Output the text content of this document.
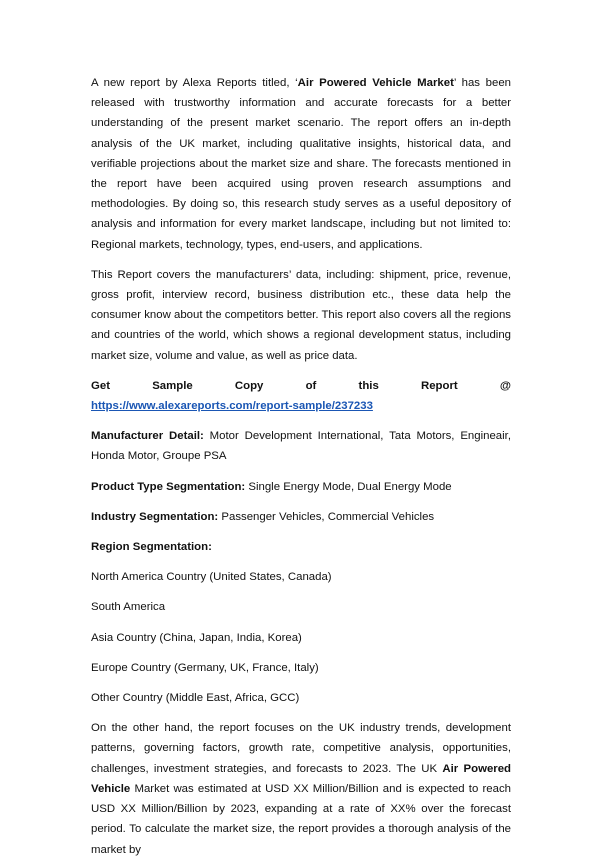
A new report by Alexa Reports titled, ‘Air Powered Vehicle Market’ has been released with trustworthy information and accurate forecasts for a better understanding of the present market scenario. The report offers an in-depth analysis of the UK market, including qualitative insights, historical data, and verifiable projections about the market size and share. The forecasts mentioned in the report have been acquired using proven research assumptions and methodologies. By doing so, this research study serves as a useful depository of analysis and information for every market landscape, including but not limited to: Regional markets, technology, types, end-users, and applications.

This Report covers the manufacturers’ data, including: shipment, price, revenue, gross profit, interview record, business distribution etc., these data help the consumer know about the competitors better. This report also covers all the regions and countries of the world, which shows a regional development status, including market size, volume and value, as well as price data.

Get	Sample	Copy	of	this	Report	@
https://www.alexareports.com/report-sample/237233

Manufacturer Detail: Motor Development International, Tata Motors, Engineair, Honda Motor, Groupe PSA

Product Type Segmentation: Single Energy Mode, Dual Energy Mode

Industry Segmentation: Passenger Vehicles, Commercial Vehicles

Region Segmentation:

North America Country (United States, Canada)

South America

Asia Country (China, Japan, India, Korea)

Europe Country (Germany, UK, France, Italy)

Other Country (Middle East, Africa, GCC)

On the other hand, the report focuses on the UK industry trends, development patterns, governing factors, growth rate, competitive analysis, opportunities, challenges, investment strategies, and forecasts to 2023. The UK Air Powered Vehicle Market was estimated at USD XX Million/Billion and is expected to reach USD XX Million/Billion by 2023, expanding at a rate of XX% over the forecast period. To calculate the market size, the report provides a thorough analysis of the market by
